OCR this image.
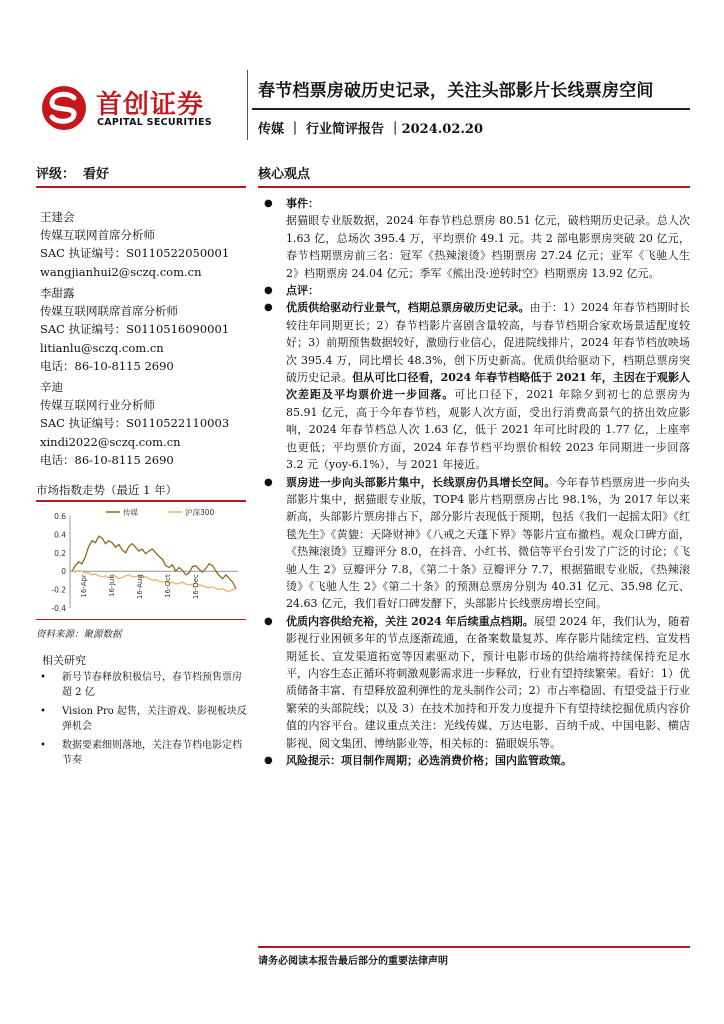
首创证券
CAPITAL SECURITIES
春节档票房破历史记录，关注头部影片长线票房空间
传媒 ｜ 行业简评报告 ｜2024.02.20
评级： 看好	核心观点
王建会
传媒互联网首席分析师
SAC 执证编号：S0110522050001
wangjianhui2@sczq.com.cn
李甜露
传媒互联网联席首席分析师
SAC 执证编号：S0110516090001
litianlu@sczq.com.cn
电话：86-10-8115 2690
辛迪
传媒互联网行业分析师
SAC 执证编号：S0110522110003
xindi2022@sczq.com.cn
电话：86-10-8115 2690
市场指数走势（最近 1 年）
0.6
0.4
0.2
0
-0.2
-0.4
16-Apr	16-Jun	16-Aug	16-Oct	16-Dec
传媒	沪深300
资料来源：聚源数据
相关研究
• 新号节春释放积极信号，春节档预售票房超 2 亿
• Vision Pro 起售，关注游戏、影视板块反弹机会
• 数据要素细则落地，关注春节档电影定档节奏
● 事件：
据猫眼专业版数据，2024 年春节档总票房 80.51 亿元，破档期历史记录。总人次 1.63 亿，总场次 395.4 万，平均票价 49.1 元。共 2 部电影票房突破 20 亿元，春节档期票房前三名：冠军《热辣滚烫》档期票房 27.24 亿元；亚军《飞驰人生 2》档期票房 24.04 亿元；季军《熊出没·逆转时空》档期票房 13.92 亿元。
● 点评：
● 优质供给驱动行业景气，档期总票房破历史记录。由于：1）2024 年春节档期时长较往年同期更长；2）春节档影片喜剧含量较高，与春节档期合家欢场景适配度较好；3）前期预售数据较好，激励行业信心，促进院线排片，2024 年春节档放映场次 395.4 万，同比增长 48.3%，创下历史新高。优质供给驱动下，档期总票房突破历史记录。但从可比口径看，2024 年春节档略低于 2021 年，主因在于观影人次差距及平均票价进一步回落。可比口径下，2021 年除夕到初七的总票房为 85.91 亿元，高于今年春节档，观影人次方面，受出行消费高景气的挤出效应影响，2024 年春节档总人次 1.63 亿，低于 2021 年可比时段的 1.77 亿，上座率也更低；平均票价方面，2024 年春节档平均票价相较 2023 年同期进一步回落 3.2 元（yoy-6.1%），与 2021 年接近。
● 票房进一步向头部影片集中，长线票房仍具增长空间。今年春节档票房进一步向头部影片集中，据猫眼专业版，TOP4 影片档期票房占比 98.1%，为 2017 年以来新高，头部影片票房排占下，部分影片表现低于预期，包括《我们一起摇太阳》《红毯先生》《黄貔：天降财神》《八戒之天蓬下界》等影片宣布撤档。观众口碑方面，《热辣滚烫》豆瓣评分 8.0，在抖音、小红书、微信等平台引发了广泛的讨论；《飞驰人生 2》豆瓣评分 7.8，《第二十条》豆瓣评分 7.7，根据猫眼专业版，《热辣滚烫》《飞驰人生 2》《第二十条》的预测总票房分别为 40.31 亿元、35.98 亿元、24.63 亿元，我们看好口碑发酵下，头部影片长线票房增长空间。
● 优质内容供给充裕，关注 2024 年后续重点档期。展望 2024 年，我们认为，随着影视行业困顿多年的节点逐渐疏通，在备案数量复苏、库存影片陆续定档、宣发档期延长、宣发渠道拓宽等因素驱动下，预计电影市场的供给端将持续保持充足水平，内容生态正循环将刺激观影需求进一步释放，行业有望持续繁荣。看好：1）优质储备丰富、有望释放盈利弹性的龙头制作公司；2）市占率稳固、有望受益于行业繁荣的头部院线；以及 3）在技术加持和开发力度提升下有望持续挖掘优质内容价值的内容平台。建议重点关注：光线传媒、万达电影、百纳千成、中国电影、横店影视、阅文集团、博纳影业等，相关标的：猫眼娱乐等。
● 风险提示：项目制作周期；必选消费价格；国内监管政策。
请务必阅读本报告最后部分的重要法律声明
